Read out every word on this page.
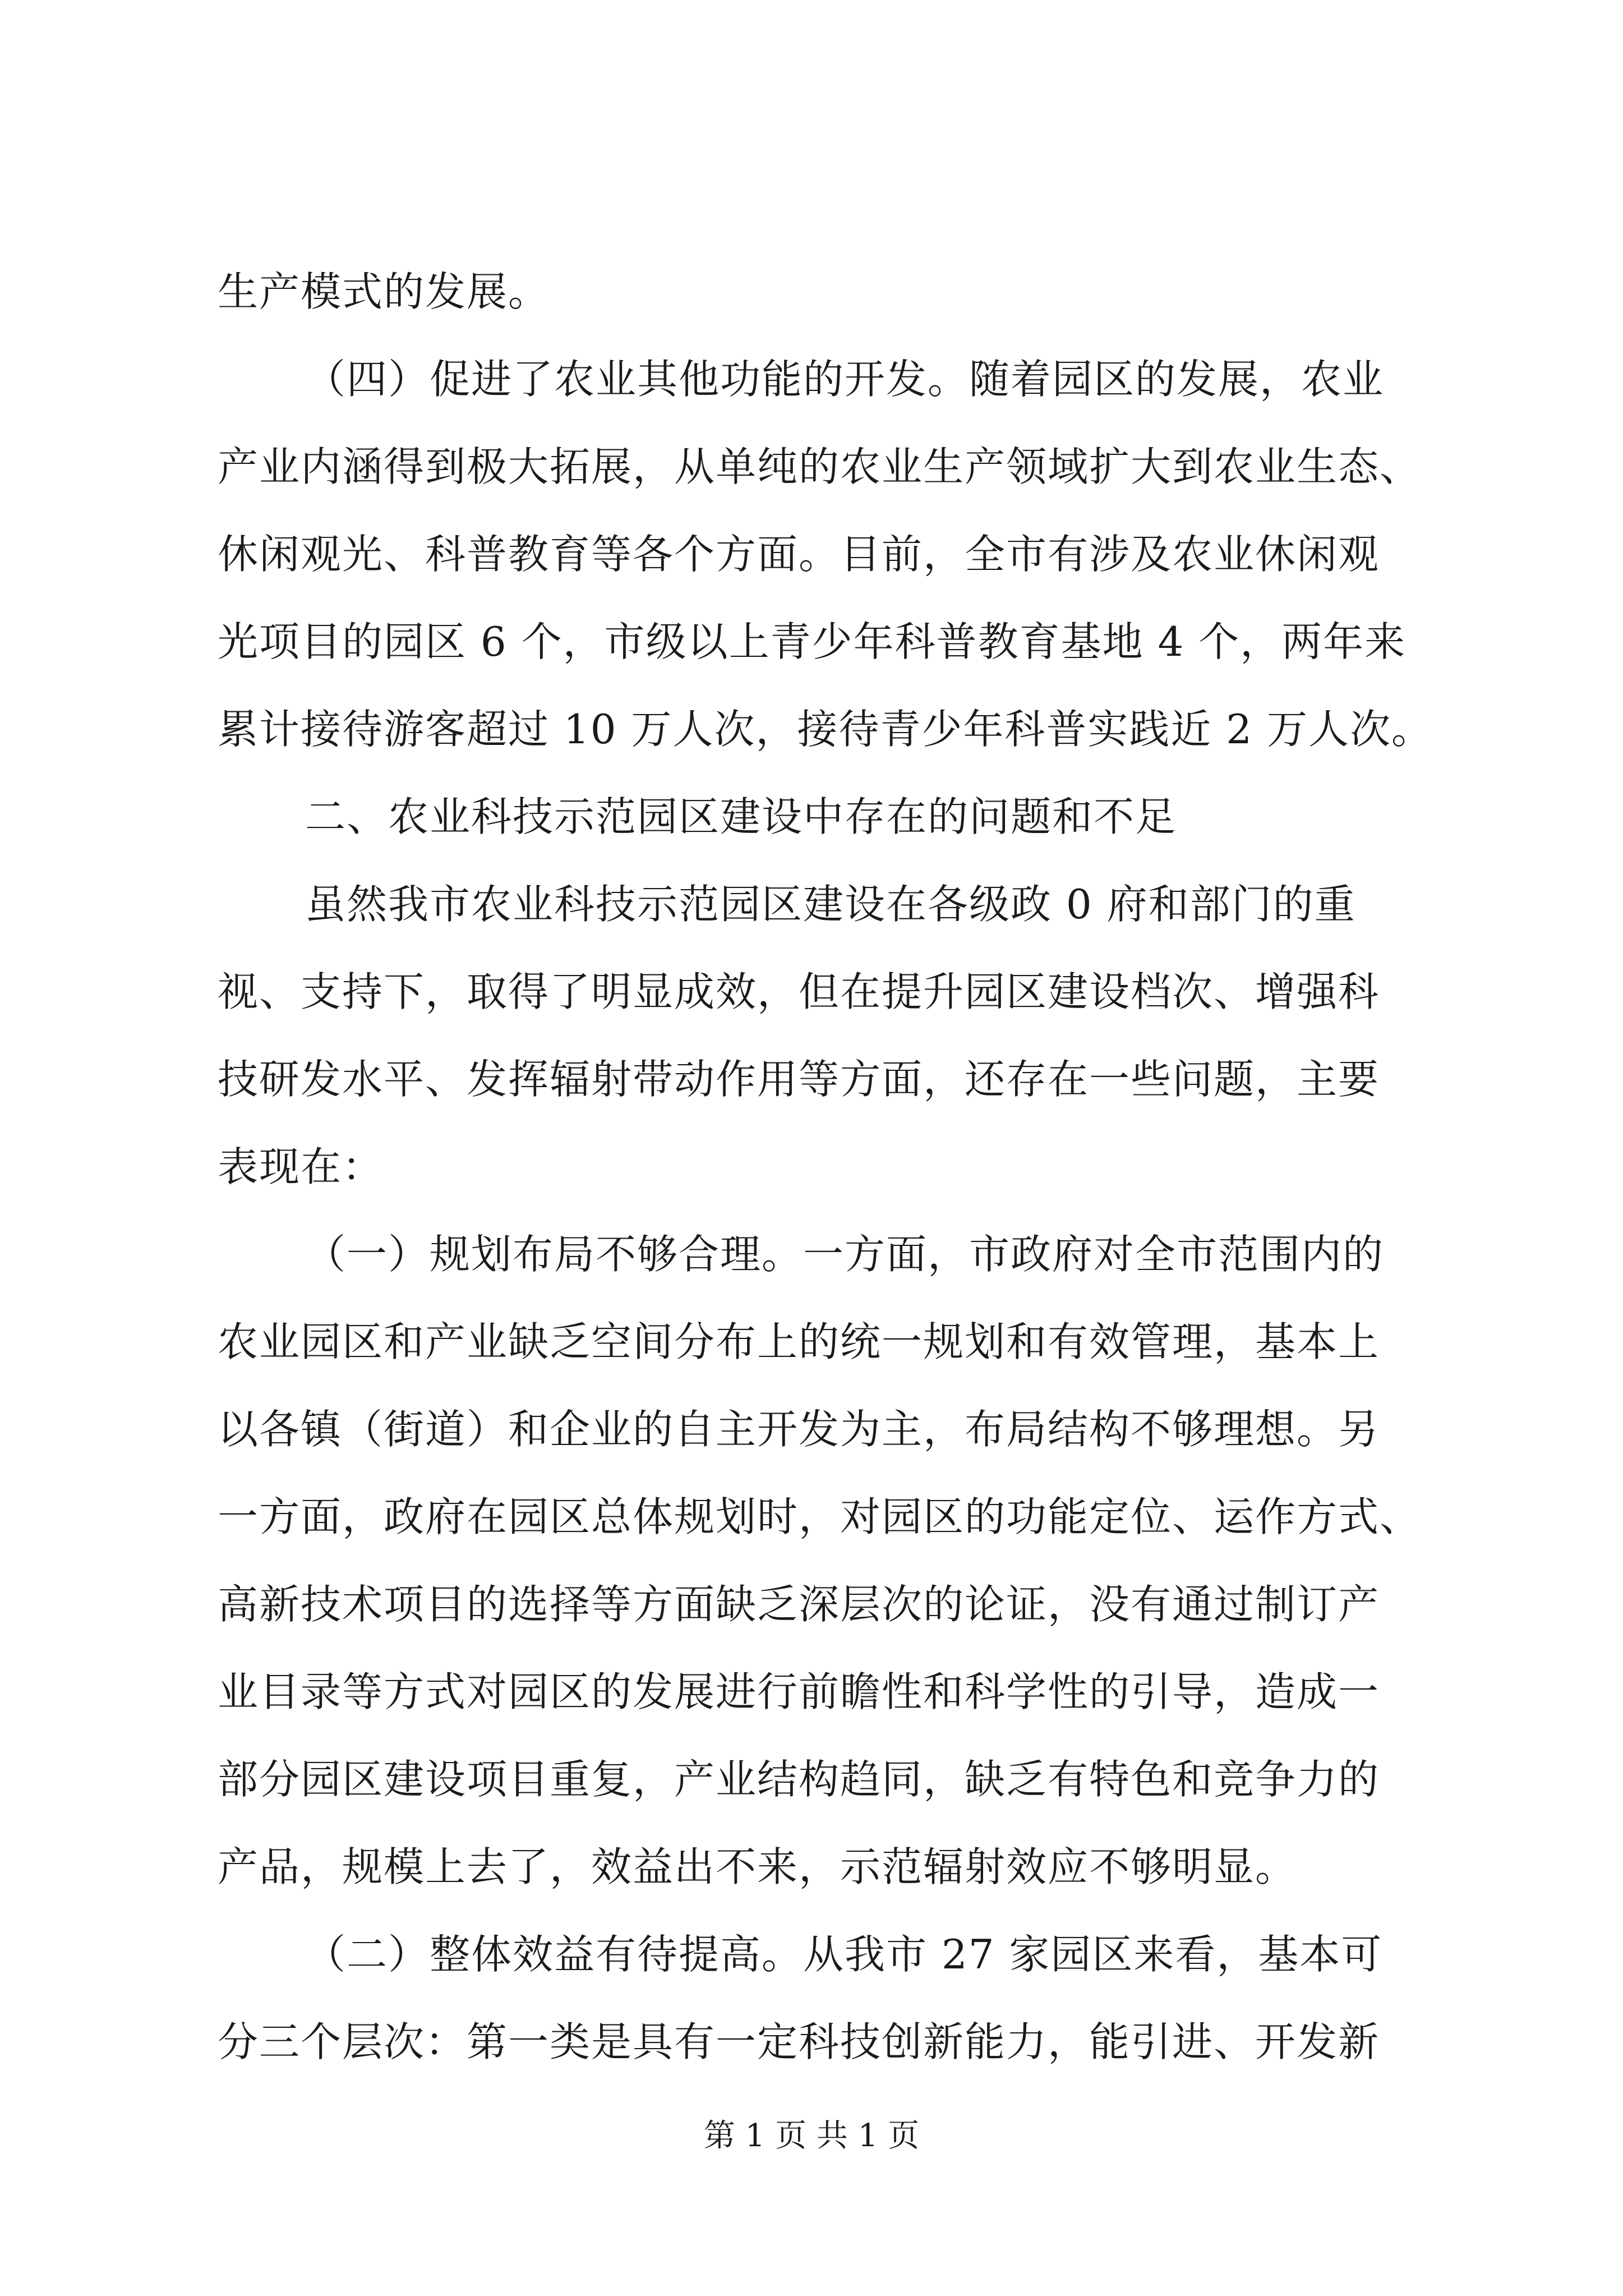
生产模式的发展。
（四）促进了农业其他功能的开发。随着园区的发展，农业
产业内涵得到极大拓展，从单纯的农业生产领域扩大到农业生态、
休闲观光、科普教育等各个方面。目前，全市有涉及农业休闲观
光项目的园区 6 个，市级以上青少年科普教育基地 4 个，两年来
累计接待游客超过 10 万人次，接待青少年科普实践近 2 万人次。
二、农业科技示范园区建设中存在的问题和不足
虽然我市农业科技示范园区建设在各级政 0 府和部门的重
视、支持下，取得了明显成效，但在提升园区建设档次、增强科
技研发水平、发挥辐射带动作用等方面，还存在一些问题，主要
表现在：
（一）规划布局不够合理。一方面，市政府对全市范围内的
农业园区和产业缺乏空间分布上的统一规划和有效管理，基本上
以各镇（街道）和企业的自主开发为主，布局结构不够理想。另
一方面，政府在园区总体规划时，对园区的功能定位、运作方式、
高新技术项目的选择等方面缺乏深层次的论证，没有通过制订产
业目录等方式对园区的发展进行前瞻性和科学性的引导，造成一
部分园区建设项目重复，产业结构趋同，缺乏有特色和竞争力的
产品，规模上去了，效益出不来，示范辐射效应不够明显。
（二）整体效益有待提高。从我市 27 家园区来看，基本可
分三个层次：第一类是具有一定科技创新能力，能引进、开发新
第 1 页 共 1 页
